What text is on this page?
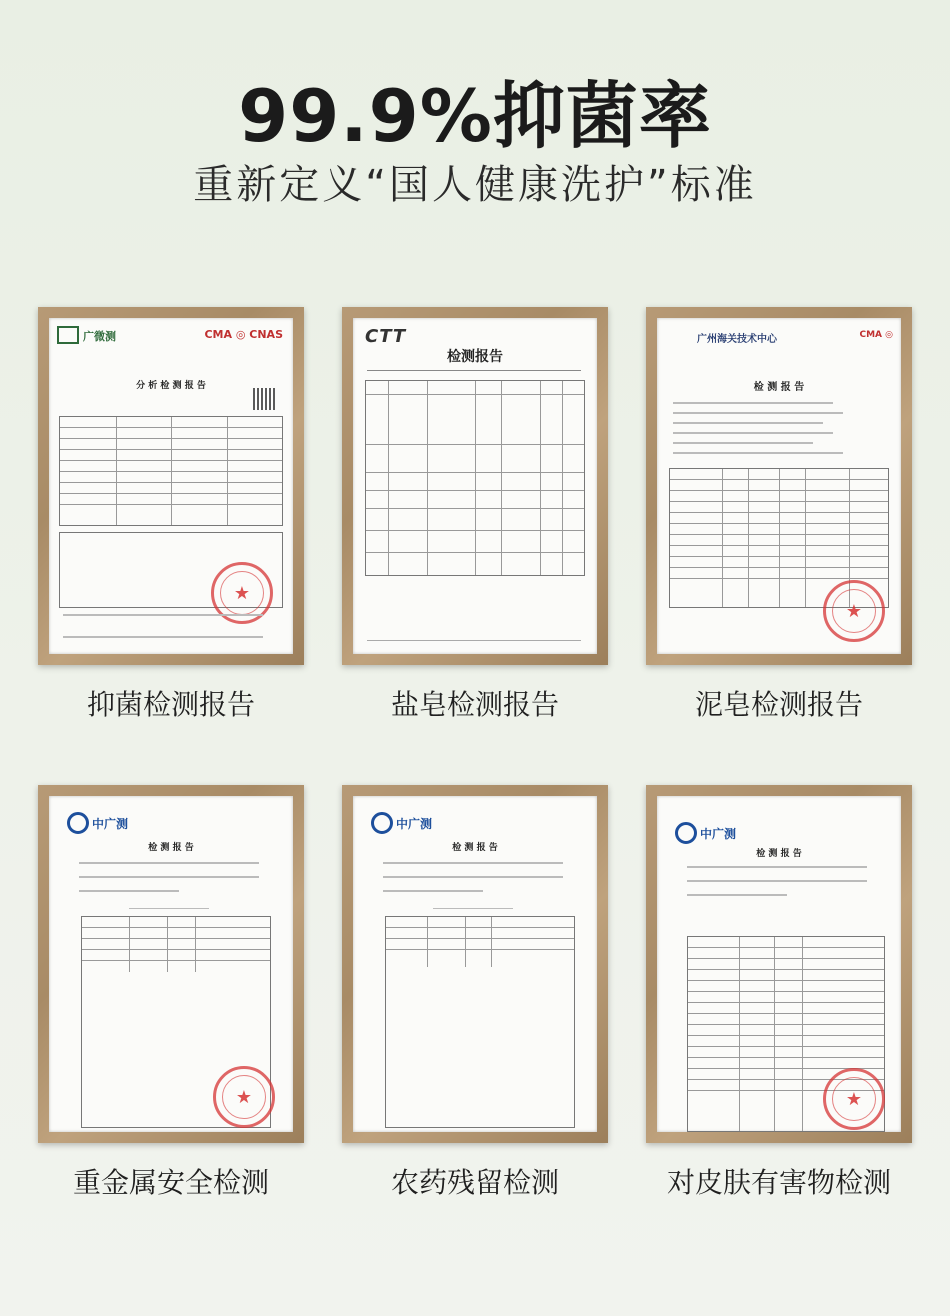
99.9%抑菌率
重新定义“国人健康洗护”标准
广微测	CMA ◎ CNAS
分 析 检 测 报 告
★
抑菌检测报告
CTT
检测报告
盐皂检测报告
广州海关技术中心	CMA ◎
检 测 报 告
★
泥皂检测报告
中广测
检 测 报 告
★
重金属安全检测
中广测
检 测 报 告
农药残留检测
中广测
检 测 报 告
★
对皮肤有害物检测
